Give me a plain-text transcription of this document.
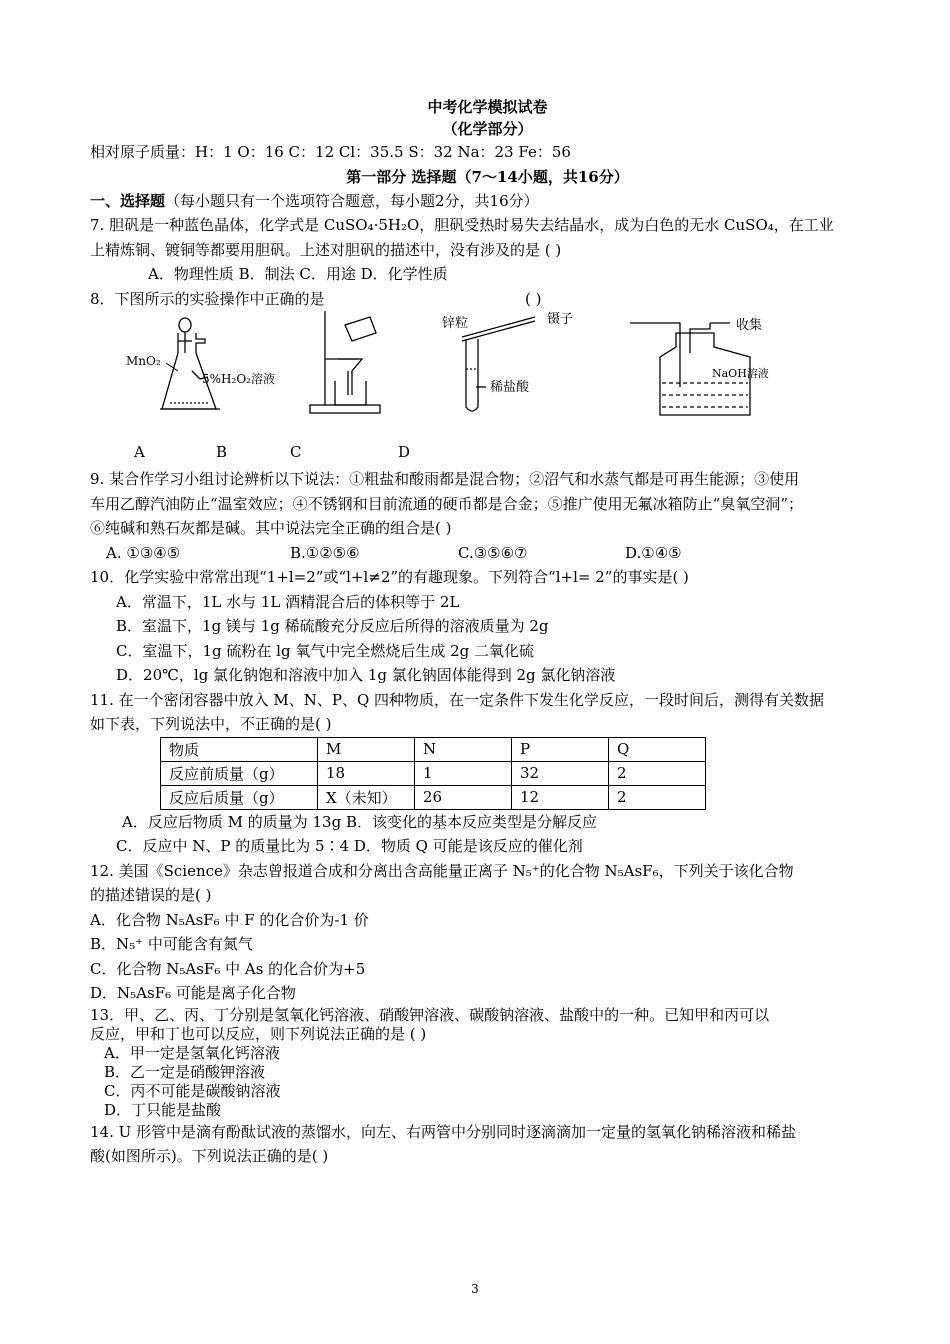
中考化学模拟试卷
（化学部分）
相对原子质量：H：1 O：16 C：12 Cl：35.5 S：32 Na：23 Fe：56
第一部分 选择题（7～14小题，共16分）
一、选择题（每小题只有一个选项符合题意，每小题2分，共16分）
7. 胆矾是一种蓝色晶体，化学式是 CuSO₄·5H₂O，胆矾受热时易失去结晶水，成为白色的无水 CuSO₄，在工业
上精炼铜、镀铜等都要用胆矾。上述对胆矾的描述中，没有涉及的是 ( )
A．物理性质 B．制法 C．用途 D．化学性质
8．下图所示的实验操作中正确的是	( )
MnO₂
5%H₂O₂溶液
锌粒	镊子
稀盐酸
收集
NaOH溶液
A	B	C	D
9. 某合作学习小组讨论辨析以下说法：①粗盐和酸雨都是混合物；②沼气和水蒸气都是可再生能源；③使用
车用乙醇汽油防止“温室效应；④不锈钢和目前流通的硬币都是合金；⑤推广使用无氟冰箱防止“臭氧空洞”；
⑥纯碱和熟石灰都是碱。其中说法完全正确的组合是( )
A. ①③④⑤	B.①②⑤⑥	C.③⑤⑥⑦	D.①④⑤
10．化学实验中常常出现“1+l=2”或“l+l≠2”的有趣现象。下列符合“l+l= 2”的事实是( )
A．常温下，1L 水与 1L 酒精混合后的体积等于 2L
B．室温下，1g 镁与 1g 稀硫酸充分反应后所得的溶液质量为 2g
C．室温下，1g 硫粉在 lg 氧气中完全燃烧后生成 2g 二氧化硫
D．20℃，lg 氯化钠饱和溶液中加入 1g 氯化钠固体能得到 2g 氯化钠溶液
11. 在一个密闭容器中放入 M、N、P、Q 四种物质，在一定条件下发生化学反应，一段时间后，测得有关数据
如下表，下列说法中，不正确的是( )
物质	M	N	P	Q
反应前质量（g）	18	1	32	2
反应后质量（g）	X（未知）	26	12	2
A．反应后物质 M 的质量为 13g B．该变化的基本反应类型是分解反应
C．反应中 N、P 的质量比为 5∶4 D．物质 Q 可能是该反应的催化剂
12. 美国《Science》杂志曾报道合成和分离出含高能量正离子 N₅⁺的化合物 N₅AsF₆，下列关于该化合物
的描述错误的是( )
A．化合物 N₅AsF₆ 中 F 的化合价为-1 价
B．N₅⁺ 中可能含有氮气
C．化合物 N₅AsF₆ 中 As 的化合价为+5
D．N₅AsF₆ 可能是离子化合物
13．甲、乙、丙、丁分别是氢氧化钙溶液、硝酸钾溶液、碳酸钠溶液、盐酸中的一种。已知甲和丙可以
反应，甲和丁也可以反应，则下列说法正确的是 ( )
A．甲一定是氢氧化钙溶液
B．乙一定是硝酸钾溶液
C．丙不可能是碳酸钠溶液
D．丁只能是盐酸
14. U 形管中是滴有酚酞试液的蒸馏水，向左、右两管中分别同时逐滴滴加一定量的氢氧化钠稀溶液和稀盐
酸(如图所示)。下列说法正确的是( )
3
